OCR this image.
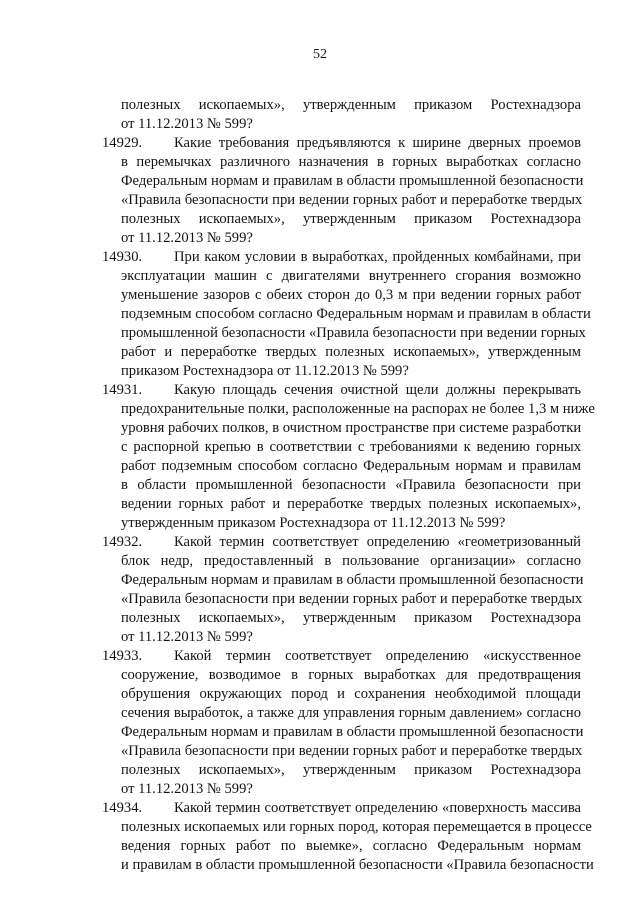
52
полезных ископаемых», утвержденным приказом Ростехнадзора
от 11.12.2013 № 599?
14929. Какие требования предъявляются к ширине дверных проемов
в перемычках различного назначения в горных выработках согласно
Федеральным нормам и правилам в области промышленной безопасности
«Правила безопасности при ведении горных работ и переработке твердых
полезных ископаемых», утвержденным приказом Ростехнадзора
от 11.12.2013 № 599?
14930. При каком условии в выработках, пройденных комбайнами, при
эксплуатации машин с двигателями внутреннего сгорания возможно
уменьшение зазоров с обеих сторон до 0,3 м при ведении горных работ
подземным способом согласно Федеральным нормам и правилам в области
промышленной безопасности «Правила безопасности при ведении горных
работ и переработке твердых полезных ископаемых», утвержденным
приказом Ростехнадзора от 11.12.2013 № 599?
14931. Какую площадь сечения очистной щели должны перекрывать
предохранительные полки, расположенные на распорах не более 1,3 м ниже
уровня рабочих полков, в очистном пространстве при системе разработки
с распорной крепью в соответствии с требованиями к ведению горных
работ подземным способом согласно Федеральным нормам и правилам
в области промышленной безопасности «Правила безопасности при
ведении горных работ и переработке твердых полезных ископаемых»,
утвержденным приказом Ростехнадзора от 11.12.2013 № 599?
14932. Какой термин соответствует определению «геометризованный
блок недр, предоставленный в пользование организации» согласно
Федеральным нормам и правилам в области промышленной безопасности
«Правила безопасности при ведении горных работ и переработке твердых
полезных ископаемых», утвержденным приказом Ростехнадзора
от 11.12.2013 № 599?
14933. Какой термин соответствует определению «искусственное
сооружение, возводимое в горных выработках для предотвращения
обрушения окружающих пород и сохранения необходимой площади
сечения выработок, а также для управления горным давлением» согласно
Федеральным нормам и правилам в области промышленной безопасности
«Правила безопасности при ведении горных работ и переработке твердых
полезных ископаемых», утвержденным приказом Ростехнадзора
от 11.12.2013 № 599?
14934. Какой термин соответствует определению «поверхность массива
полезных ископаемых или горных пород, которая перемещается в процессе
ведения горных работ по выемке», согласно Федеральным нормам
и правилам в области промышленной безопасности «Правила безопасности
